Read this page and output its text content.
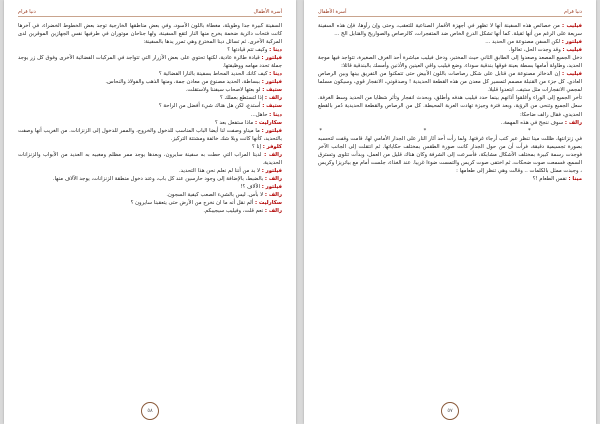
دنيا قرام	أسرة الأطفال

السفينة كبيرة جدا وطويلة، مغطاة باللون الأسود، وفي بعض مناطقها الخارجية توجد بعض الخطوط الخضراء، في آخرها كانت فتحات دائرية ضخمة يخرج منها النار لتقع السفينة، ولها جناحان موتوران في طرفيها نفس الجهازين الموقرين لدى المركبة الأخرى. ثم تسائل دينا المخترع وهي تمرر يدها بالسفينة:

دينا : وكيف تتم قيادتها ؟

فيلتور : قيادة طائرة عادية، لكنها تحتوي على بعض الأزرار التي تتواجد في المركبات الفضائية الأخرى وفوق كل زر يوجد جملة تحدد مهامه ووظيفتها.

دينا : كيف كانك الحديد المحاط بسفينة بالنارا الفضائية ؟

فيلتور : ببساطة، الحديد مصنوع من معادن جمة، ومنها الذهب والفولاذ والنحاس.

ستيف : لو بعتها لاصحاب سيفننا ولاستقلت.

رالف : إذا لتستطع بعملك ؟

ستيف : أستدع، لكن هل هناك شيء أفضل من الراحة ؟

دينا : حاهل...

سكارليت : ماذا ستفعل بعد ؟

فيلتور : ما ميناو وصفت لنا أيضا الباب المناسب للدخول والخروج، والممر للدخول إلى الزنزانات. من الغريب أنها وصفت بالتحديد، كأنها كانت وبلا شك خائفة ومشتتة التركيز.

كلوفر : إنا ؟

رالف : لدينا المراب التي حطت به سفينة سايرون، وبعدها يوجد ممر مظلم ومغبيه به العديد من الأبواب والزنزانات الحديدية.

فيلتور : لا بد من أننا لم نعلم نحن هذا التحديد.

رالف : بالضبط، بالإضافة إلى وجود حارسين عند كل باب، وعند دخول منطقة الزنزانات، يوجد الآلاف منها.

فيلتور : الآلاف ؟!

رالف : لا بأس. ليس بالشيء الصعب كيفية السجون.

سكارليت : ألم نقل أنه ما ان نخرج من الأرض حتى يتعقبنا سايرون ؟

رالف : نعم قلت، وفيليب سيجيبكم.

٥٨
أسرة الأطفال	دنيا قرام

فيليب : من خصائص هذه السفينة أنها لا تظهر في أجهزة الأقمار الصناعية للتعقب، وحتى وإن رأوها، فإن هذه السفينة سريعة على الرغم من أنها ثقيلة. كما أنها تشكل الدرع الخاص ضد المتفجرات، كالرصاص والصواريخ والقنابل الخ ...

فيلتور : لكن السفن مصنوعة من الحديد ...

فيليب : وقد وجدت الحل، تعالوا.

دخل الجميع المصعد وصعدوا إلى الطابق الثاني حيث المختبر، ودخل فيليب مباشرة أحد الغرف الصغيرة، تتواجد فيها موجة الحديد، وطاولة أمامها بسطة بعينة فوقها بندقية سوداء. وضع فيليب واقي العينين والأذنين وأمسك بالبندقية قائلا:

فيليب : إن الدخائر مصنوعة من قنابل على شكل رصاصات باللون الأبيض حتى تتمكنوا من التفريق بينها وبين الرصاص العادي. كل جزء من القنبلة مصمم لتمسير كل معدن من هذه القطعة الحديدية ! وصدقوني، الانفجار قوي، وسيكون مسلما لمجمي الانفجارات مثل ستيف. ابتعدوا قليلا.

تأخر الجميع إلى الوراء وأغلقوا آذانهم بينما حدد فيليب هدفه وأطلق، وبحدث انفجار وتأثر شظايا من الحديد وسط الغرفة. سعل الجميع وتنحى من الرؤية، وبعد فترة وجيزة تهادت العربة المحيطة. كل من الرصاص والقطعة الحديدية دُمر بالقطع الحديدي، فقال رالف ضاحكا:

رالف : سوف ننجح في هذه المهمة..

* * *

في زنزانتها، ظللت مينا تنظر عبر كتب أرجاء غرفتها. ولما رأت أحد آثار النار على الجدار الأمامي لها، قامت وقفت لتحسبه بصورة تجسيمية دقيقة، فرأت أن من حول الجدار كانت صورة الطقس بمختلف حكاياتها. ثم انتقلت إلى الجانب الآخر فوجدت رسمة كبيرة بمختلف الأشكال مشابكة، فأسرعت إلى الشرفة وكان هناك قليل من العمل، وبدأت تتلوى وتسترق السمع، فسمعت صوت ضحكات، ثم اختفى صوت كريس والتمست ضوءا غريبا. عند الغذاء، جلست أمام مع بياتريزا وكريس ، وجبدت ممثل بالكلمات .. وقالت وهي تنظر إلى طعامها :

مينا : نفس الطعام !؟

٥٧
